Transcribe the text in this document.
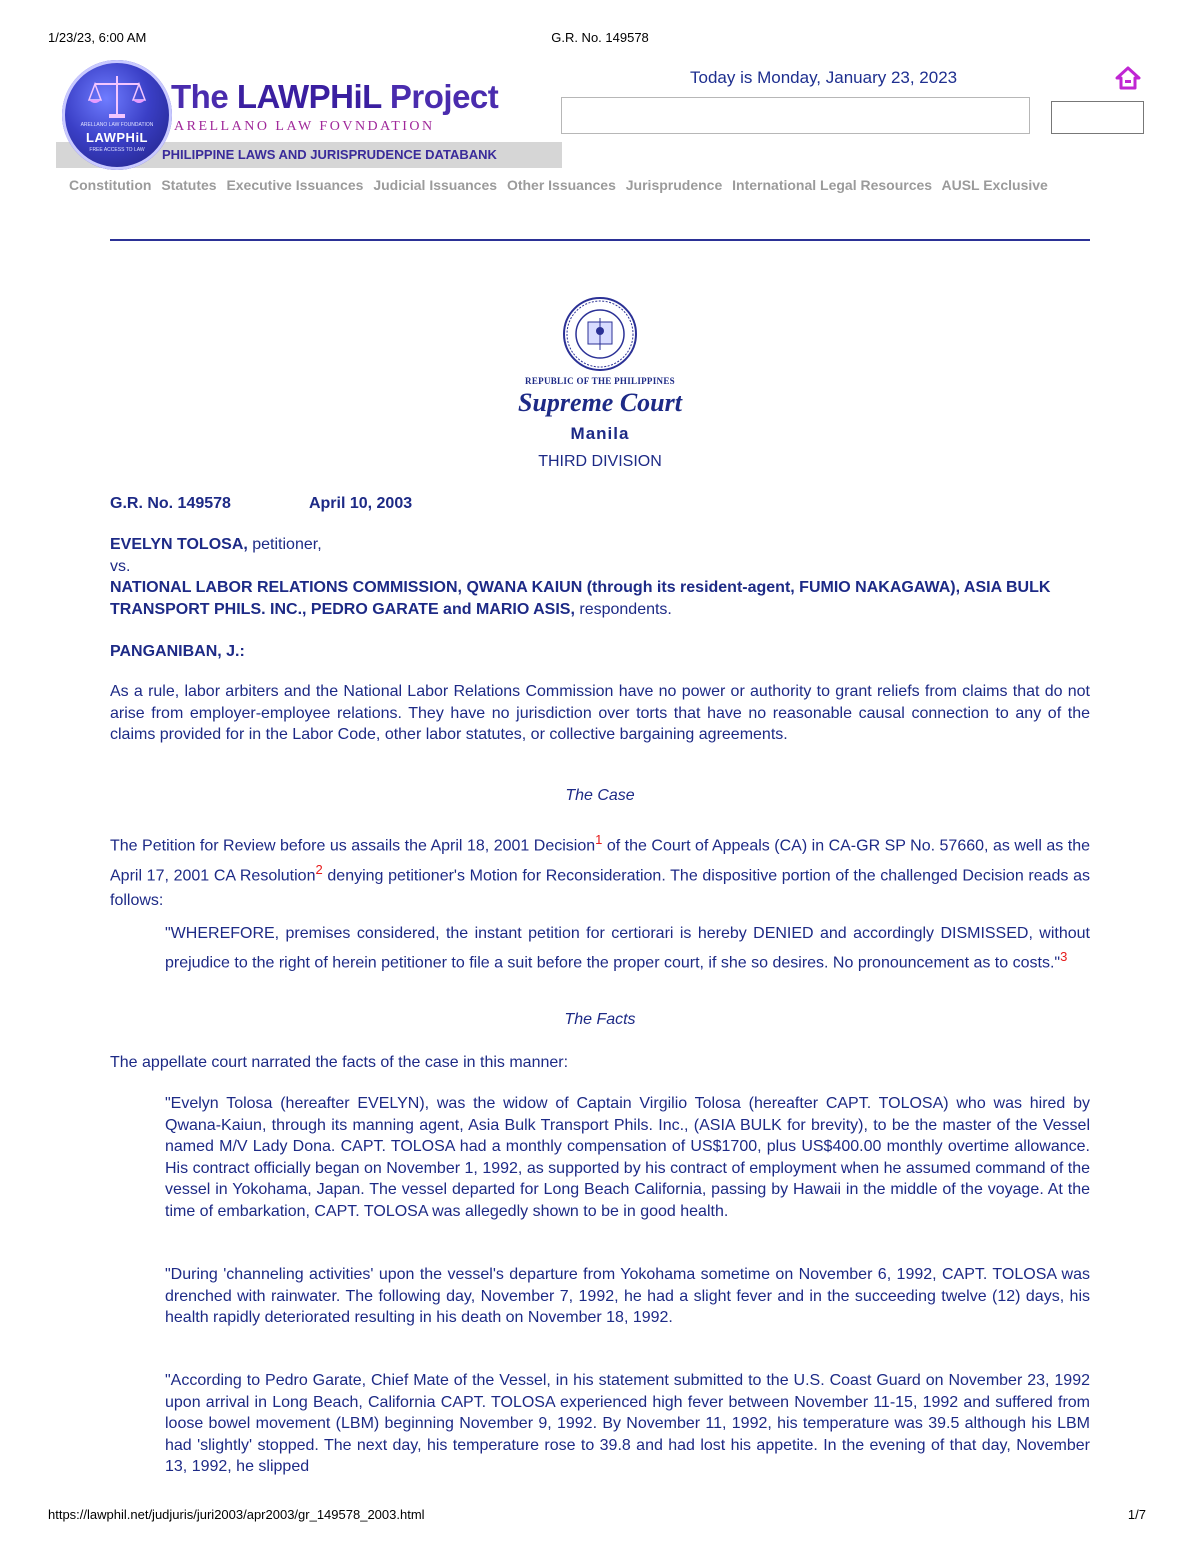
1/23/23, 6:00 AM	G.R. No. 149578
PHILIPPINE LAWS AND JURISPRUDENCE DATABANK
ARELLANO LAW FOUNDATION
LAWPHiL
FREE ACCESS TO LAW
The LAWPHiL Project
ARELLANO LAW FOVNDATION
Today is Monday, January 23, 2023
Constitution Statutes Executive Issuances Judicial Issuances Other Issuances Jurisprudence International Legal Resources AUSL Exclusive
REPUBLIC OF THE PHILIPPINES
Supreme Court
Manila
THIRD DIVISION
G.R. No. 149578	April 10, 2003
EVELYN TOLOSA, petitioner,
vs.
NATIONAL LABOR RELATIONS COMMISSION, QWANA KAIUN (through its resident-agent, FUMIO NAKAGAWA), ASIA BULK TRANSPORT PHILS. INC., PEDRO GARATE and MARIO ASIS, respondents.
PANGANIBAN, J.:

As a rule, labor arbiters and the National Labor Relations Commission have no power or authority to grant reliefs from claims that do not arise from employer-employee relations. They have no jurisdiction over torts that have no reasonable causal connection to any of the claims provided for in the Labor Code, other labor statutes, or collective bargaining agreements.

The Case

The Petition for Review before us assails the April 18, 2001 Decision$^1$ of the Court of Appeals (CA) in CA-GR SP No. 57660, as well as the April 17, 2001 CA Resolution$^2$ denying petitioner's Motion for Reconsideration. The dispositive portion of the challenged Decision reads as follows:

"WHEREFORE, premises considered, the instant petition for certiorari is hereby DENIED and accordingly DISMISSED, without prejudice to the right of herein petitioner to file a suit before the proper court, if she so desires. No pronouncement as to costs."$^3$
The Facts

The appellate court narrated the facts of the case in this manner:

"Evelyn Tolosa (hereafter EVELYN), was the widow of Captain Virgilio Tolosa (hereafter CAPT. TOLOSA) who was hired by Qwana-Kaiun, through its manning agent, Asia Bulk Transport Phils. Inc., (ASIA BULK for brevity), to be the master of the Vessel named M/V Lady Dona. CAPT. TOLOSA had a monthly compensation of US$1700, plus US$400.00 monthly overtime allowance. His contract officially began on November 1, 1992, as supported by his contract of employment when he assumed command of the vessel in Yokohama, Japan. The vessel departed for Long Beach California, passing by Hawaii in the middle of the voyage. At the time of embarkation, CAPT. TOLOSA was allegedly shown to be in good health.
"During 'channeling activities' upon the vessel's departure from Yokohama sometime on November 6, 1992, CAPT. TOLOSA was drenched with rainwater. The following day, November 7, 1992, he had a slight fever and in the succeeding twelve (12) days, his health rapidly deteriorated resulting in his death on November 18, 1992.
"According to Pedro Garate, Chief Mate of the Vessel, in his statement submitted to the U.S. Coast Guard on November 23, 1992 upon arrival in Long Beach, California CAPT. TOLOSA experienced high fever between November 11-15, 1992 and suffered from loose bowel movement (LBM) beginning November 9, 1992. By November 11, 1992, his temperature was 39.5 although his LBM had 'slightly' stopped. The next day, his temperature rose to 39.8 and had lost his appetite. In the evening of that day, November 13, 1992, he slipped
https://lawphil.net/judjuris/juri2003/apr2003/gr_149578_2003.html	1/7
